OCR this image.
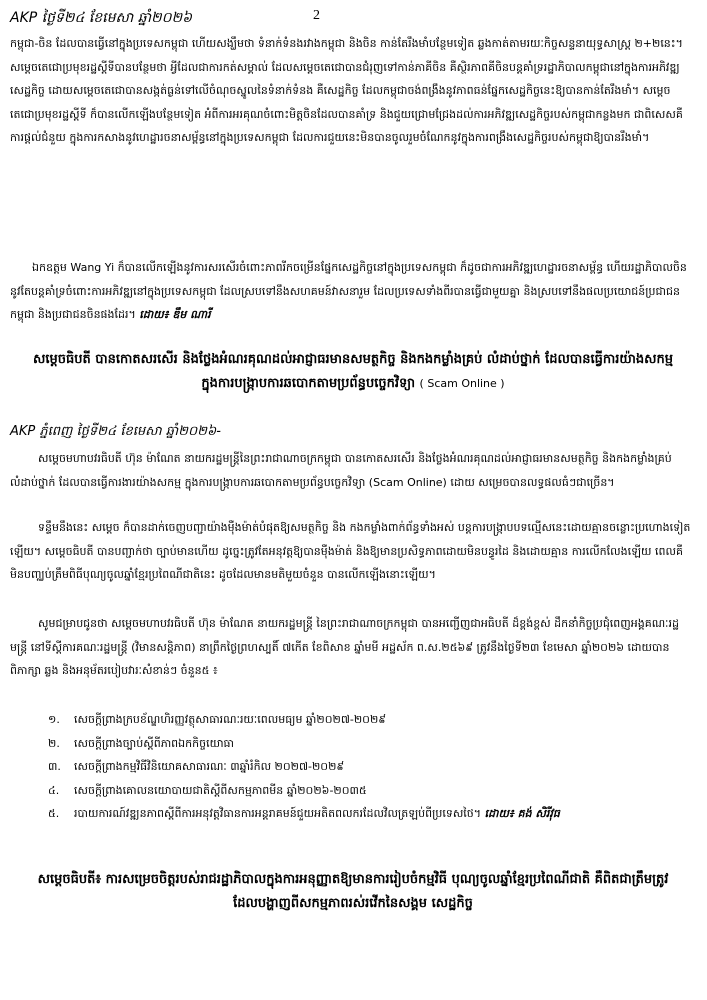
AKP ថ្ងៃទី២៤ ខែមេសា ឆ្នាំ២០២៦	2
កម្ពុជា-ចិន ដែលបានធ្វើនៅក្នុងប្រទេសកម្ពុជា ហើយសង្ឃឹមថា ទំនាក់ទំនងរវាងកម្ពុជា និងចិន កាន់តែរឹងមាំបន្ថែមទៀត ឆ្លងកាត់តាមរយៈកិច្ចសន្ទនាយុទ្ធសាស្ត្រ ២+២នេះ។ សម្តេចតេជោប្រមុខរដ្ឋស្តីទីបានបន្ថែមថា អ្វីដែលជាការកត់សម្គាល់ ដែលសម្តេចតេជោបានជំរុញទៅកាន់ភាគីចិន គឺស្ថិរភាពគីចិនបន្តគាំទ្ររដ្ឋាភិបាលកម្ពុជានៅក្នុងការអភិវឌ្ឍសេដ្ឋកិច្ច ដោយសម្តេចតេជោបានសង្កត់ធ្ងន់ទៅលើចំណុចស្នូលនៃទំនាក់ទំនង គឺសេដ្ឋកិច្ច ដែលកម្ពុជាចង់ពង្រឹងនូវភាពធន់ផ្នែកសេដ្ឋកិច្ចនេះឱ្យបានកាន់តែរឹងមាំ។ សម្តេចតេជោប្រមុខរដ្ឋស្តីទី ក៏បានលើកឡើងបន្ថែមទៀត អំពីការអរគុណចំពោះមិត្តចិនដែលបានគាំទ្រ និងជួយជ្រោមជ្រែងដល់ការអភិវឌ្ឍសេដ្ឋកិច្ចរបស់កម្ពុជាកន្លងមក ជាពិសេសគឺការផ្តល់ជំនួយ ក្នុងការកសាងនូវហេដ្ឋារចនាសម្ព័ន្ធនៅក្នុងប្រទេសកម្ពុជា ដែលការជួយនេះមិនបានចូលរួមចំណែកនូវក្នុងការពង្រឹងសេដ្ឋកិច្ចរបស់កម្ពុជាឱ្យបានរឹងមាំ។
ឯកឧត្តម Wang Yi ក៏បានលើកឡើងនូវការសរសើរចំពោះភាពរីកចម្រើនផ្នែកសេដ្ឋកិច្ចនៅក្នុងប្រទេសកម្ពុជា ក៏ដូចជាការអភិវឌ្ឍហេដ្ឋារចនាសម្ព័ន្ធ ហើយរដ្ឋាភិបាលចិន នូវតែបន្តគាំទ្រចំពោះការអភិវឌ្ឍនៅក្នុងប្រទេសកម្ពុជា ដែលស្របទៅនឹងសហគមន៍វាសនារួម ដែលប្រទេសទាំងពីរបានធ្វើជាមួយគ្នា និងស្របទៅនឹងផលប្រយោជន៍ប្រជាជនកម្ពុជា និងប្រជាជនចិនផងដែរ។ ដោយ៖ ឌឹម ណារី
សម្តេចធិបតី បានកោតសរសើរ និងថ្លែងអំណរគុណដល់អាជ្ញាធរមានសមត្ថកិច្ច និងកងកម្លាំងគ្រប់ លំដាប់ថ្នាក់ ដែលបានធ្វើការយ៉ាងសកម្ម ក្នុងការបង្ក្រាបការឆបោកតាមប្រព័ន្ធបច្ចេកវិទ្យា ( Scam Online )
AKP ភ្នំពេញ ថ្ងៃទី២៤ ខែមេសា ឆ្នាំ២០២៦-
សម្តេចមហាបវរធិបតី ហ៊ុន ម៉ាណែត នាយករដ្ឋមន្ត្រីនៃព្រះរាជាណាចក្រកម្ពុជា បានកោតសរសើរ និងថ្លែងអំណរគុណដល់អាជ្ញាធរមានសមត្ថកិច្ច និងកងកម្លាំងគ្រប់ លំដាប់ថ្នាក់ ដែលបានធ្វើការងារយ៉ាងសកម្ម ក្នុងការបង្ក្រាបការឆបោកតាមប្រព័ន្ធបច្ចេកវិទ្យា (Scam Online) ដោយ សម្រេចបានលទ្ធផលធំៗជាច្រើន។
ទន្ទឹមនឹងនេះ សម្តេច ក៏បានដាក់ចេញបញ្ជាយ៉ាងម៉ឺងម៉ាត់បំផុតឱ្យសមត្ថកិច្ច និង កងកម្លាំងពាក់ព័ន្ធទាំងអស់ បន្តការបង្ក្រាបបទល្មើសនេះដោយគ្មានចន្លោះប្រហោងទៀតឡើយ។ សម្តេចធិបតី បានបញ្ជាក់ថា ច្បាប់មានហើយ ដូច្នេះត្រូវតែអនុវត្តឱ្យបានម៉ឺងម៉ាត់ និងឱ្យមានប្រសិទ្ធភាពដោយមិនបន្ធូរដៃ និងដោយគ្មាន ការលើកលែងឡើយ ពេលគឺមិនបញ្ឈប់ត្រឹមពិធីបុណ្យចូលឆ្នាំខ្មែរប្រពៃណីជាតិនេះ ដូចដែលមានមតិមួយចំនួន បានលើកឡើងនោះឡើយ។
សូមជម្រាបជូនថា សម្តេចមហាបវរធិបតី ហ៊ុន ម៉ាណែត នាយករដ្ឋមន្ត្រី នៃព្រះរាជាណាចក្រកម្ពុជា បានអញ្ជើញជាអធិបតី ដ៏ខ្ពង់ខ្ពស់ ដឹកនាំកិច្ចប្រជុំពេញអង្គគណៈរដ្ឋមន្ត្រី នៅទីស្តីការគណៈរដ្ឋមន្ត្រី (វិមានសន្តិភាព) នាព្រឹកថ្ងៃព្រហស្បតិ៍ ៧កើត ខែពិសាខ ឆ្នាំមមី អដ្ឋស័ក ព.ស.២៥៦៩ ត្រូវនឹងថ្ងៃទី២៣ ខែមេសា ឆ្នាំ២០២៦ ដោយបានពិភាក្សា ឆ្លង និងអនុម័តរបៀបវារៈសំខាន់ៗ ចំនួន៥ ៖
១. សេចក្តីព្រាងក្របខ័ណ្ឌហិរញ្ញវត្ថុសាធារណៈរយៈពេលមធ្យម ឆ្នាំ២០២៧-២០២៩
២. សេចក្តីព្រាងច្បាប់ស្តីពីភាពឯកកិច្ចយោធា
៣. សេចក្តីព្រាងកម្មវិធីវិនិយោគសាធារណៈ ៣ឆ្នាំរំកិល ២០២៧-២០២៩
៤. សេចក្តីព្រាងគោលនយោបាយជាតិស្តីពីសកម្មភាពមីន ឆ្នាំ២០២៦-២០៣៥
៥. របាយការណ៍វឌ្ឍនភាពស្តីពីការអនុវត្តវិធានការអន្តរាគមន៍ជួយអតិតពលករដែលវិលត្រឡប់ពីប្រទេសថៃ។ ដោយ៖ គង់ សិរីវុធ
សម្តេចធិបតី៖ ការសម្រេចចិត្តរបស់រាជរដ្ឋាភិបាលក្នុងការអនុញ្ញាតឱ្យមានការរៀបចំកម្មវិធី បុណ្យចូលឆ្នាំខ្មែរប្រពៃណីជាតិ គឺពិតជាត្រឹមត្រូវ ដែលបង្ហាញពីសកម្មភាពរស់រវើកនៃសង្គម សេដ្ឋកិច្ច
